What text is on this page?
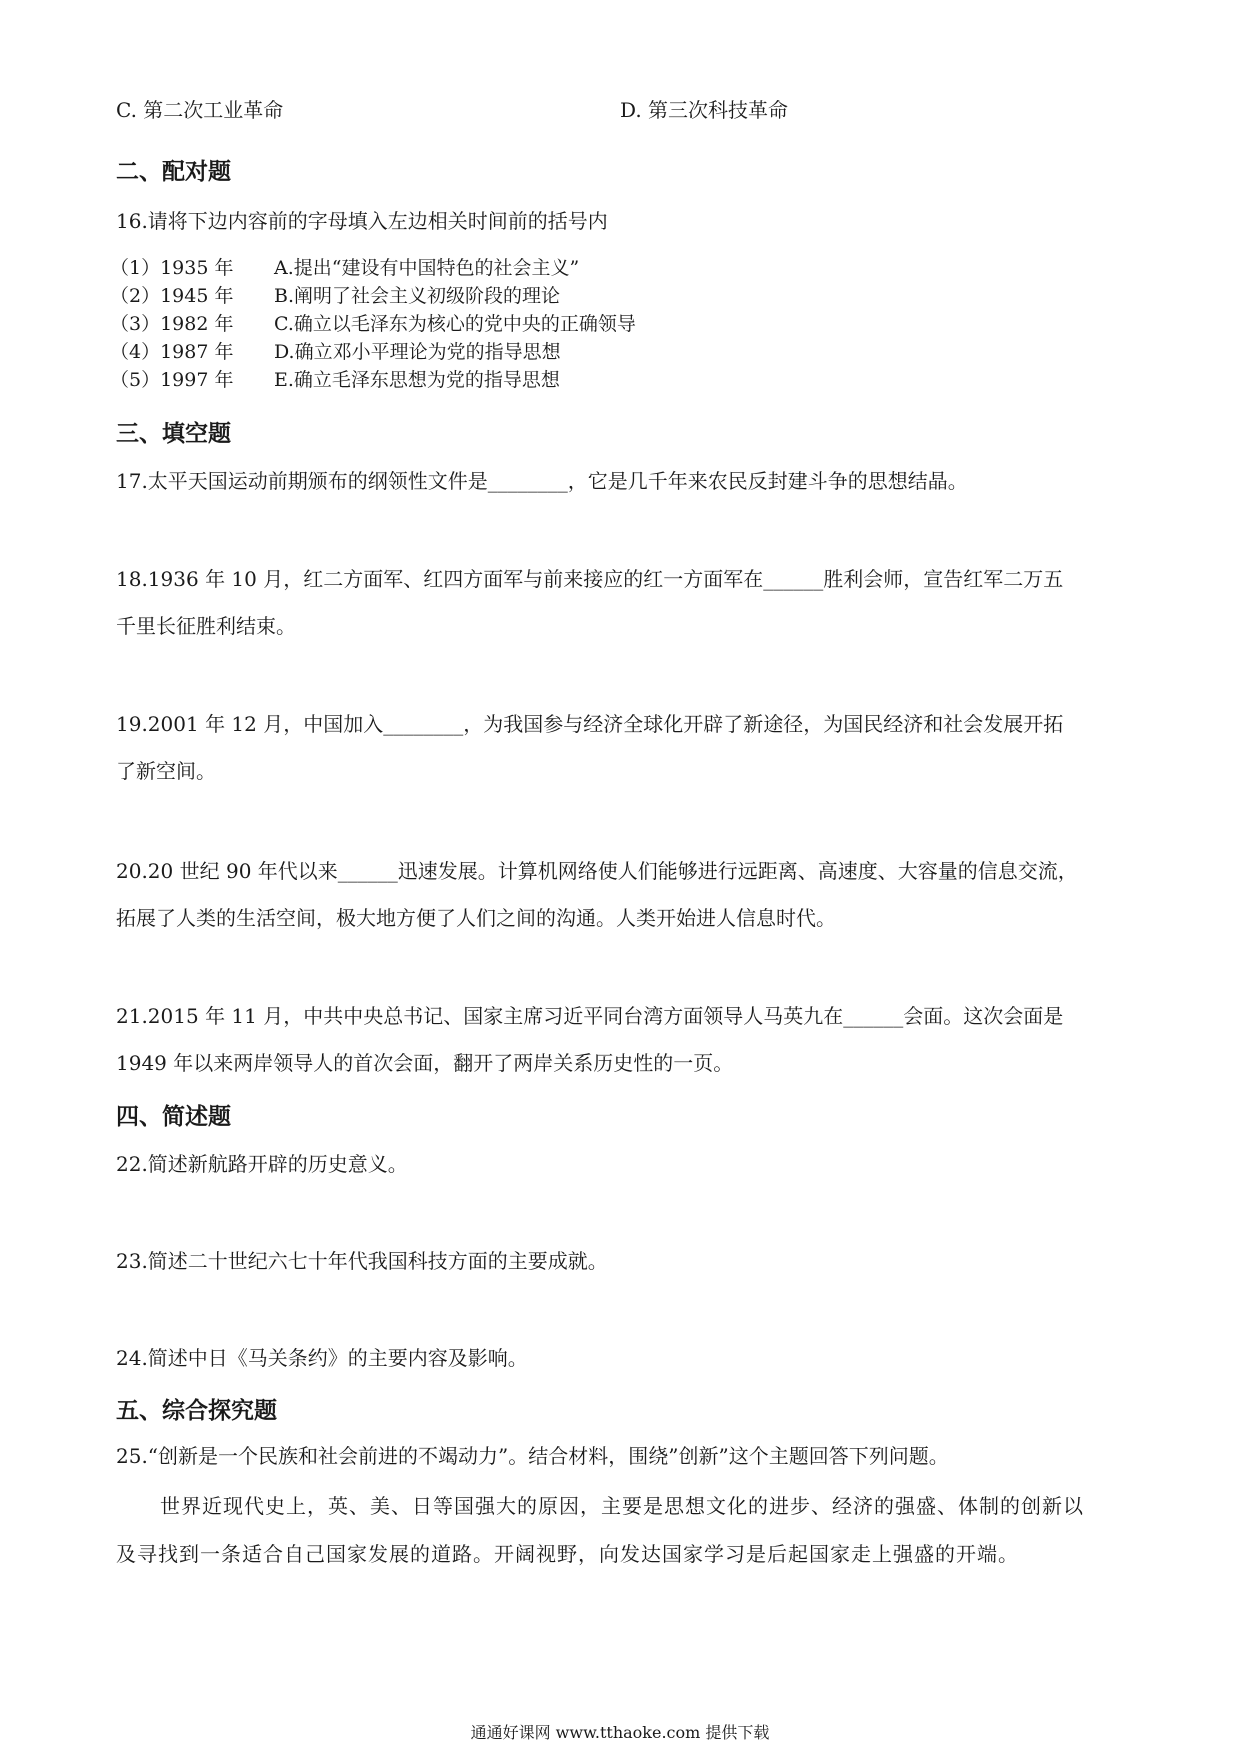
C. 第二次工业革命	D. 第三次科技革命
二、配对题
16.请将下边内容前的字母填入左边相关时间前的括号内
（1）1935 年 A.提出“建设有中国特色的社会主义”
（2）1945 年 B.阐明了社会主义初级阶段的理论
（3）1982 年 C.确立以毛泽东为核心的党中央的正确领导
（4）1987 年 D.确立邓小平理论为党的指导思想
（5）1997 年 E.确立毛泽东思想为党的指导思想
三、填空题
17.太平天国运动前期颁布的纲领性文件是________，它是几千年来农民反封建斗争的思想结晶。
18.1936 年 10 月，红二方面军、红四方面军与前来接应的红一方面军在______胜利会师，宣告红军二万五
千里长征胜利结束。
19.2001 年 12 月，中国加入________，为我国参与经济全球化开辟了新途径，为国民经济和社会发展开拓
了新空间。
20.20 世纪 90 年代以来______迅速发展。计算机网络使人们能够进行远距离、高速度、大容量的信息交流，
拓展了人类的生活空间，极大地方便了人们之间的沟通。人类开始进人信息时代。
21.2015 年 11 月，中共中央总书记、国家主席习近平同台湾方面领导人马英九在______会面。这次会面是
1949 年以来两岸领导人的首次会面，翻开了两岸关系历史性的一页。
四、简述题
22.简述新航路开辟的历史意义。
23.简述二十世纪六七十年代我国科技方面的主要成就。
24.简述中日《马关条约》的主要内容及影响。
五、综合探究题
25.“创新是一个民族和社会前进的不竭动力”。结合材料，围绕”创新”这个主题回答下列问题。
世界近现代史上，英、美、日等国强大的原因，主要是思想文化的进步、经济的强盛、体制的创新以
及寻找到一条适合自己国家发展的道路。开阔视野，向发达国家学习是后起国家走上强盛的开端。
通通好课网 www.tthaoke.com 提供下载
